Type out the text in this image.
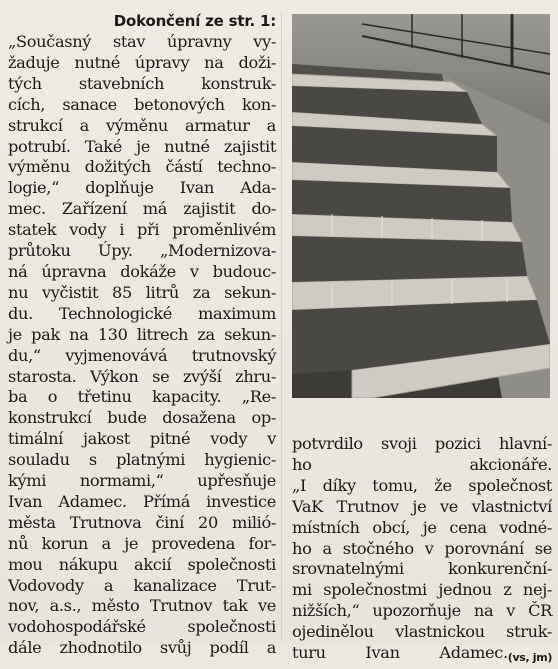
Dokončení ze str. 1:
„Současný stav úpravny vy-
žaduje nutné úpravy na doži-
tých stavebních konstruk-
cích, sanace betonových kon-
strukcí a výměnu armatur a
potrubí. Také je nutné zajistit
výměnu dožitých částí techno-
logie,“ doplňuje Ivan Ada-
mec. Zařízení má zajistit do-
statek vody i při proměnlivém
průtoku Úpy. „Modernizova-
ná úpravna dokáže v budouc-
nu vyčistit 85 litrů za sekun-
du. Technologické maximum
je pak na 130 litrech za sekun-
du,“ vyjmenovává trutnovský
starosta. Výkon se zvýší zhru-
ba o třetinu kapacity. „Re-
konstrukcí bude dosažena op-
timální jakost pitné vody v
souladu s platnými hygienic-
kými normami,“ upřesňuje
Ivan Adamec. Přímá investice
města Trutnova činí 20 milió-
nů korun a je provedena for-
mou nákupu akcií společnosti
Vodovody a kanalizace Trut-
nov, a.s., město Trutnov tak ve
vodohospodářské společnosti
dále zhodnotilo svůj podíl a
potvrdilo svoji pozici hlavní-
ho akcionáře.
„I díky tomu, že společnost
VaK Trutnov je ve vlastnictví
místních obcí, je cena vodné-
ho a stočného v porovnání se
srovnatelnými konkurenční-
mi společnostmi jednou z nej-
nižších,“ upozorňuje na v ČR
ojedinělou vlastnickou struk-
turu Ivan Adamec. (vs, jm)
